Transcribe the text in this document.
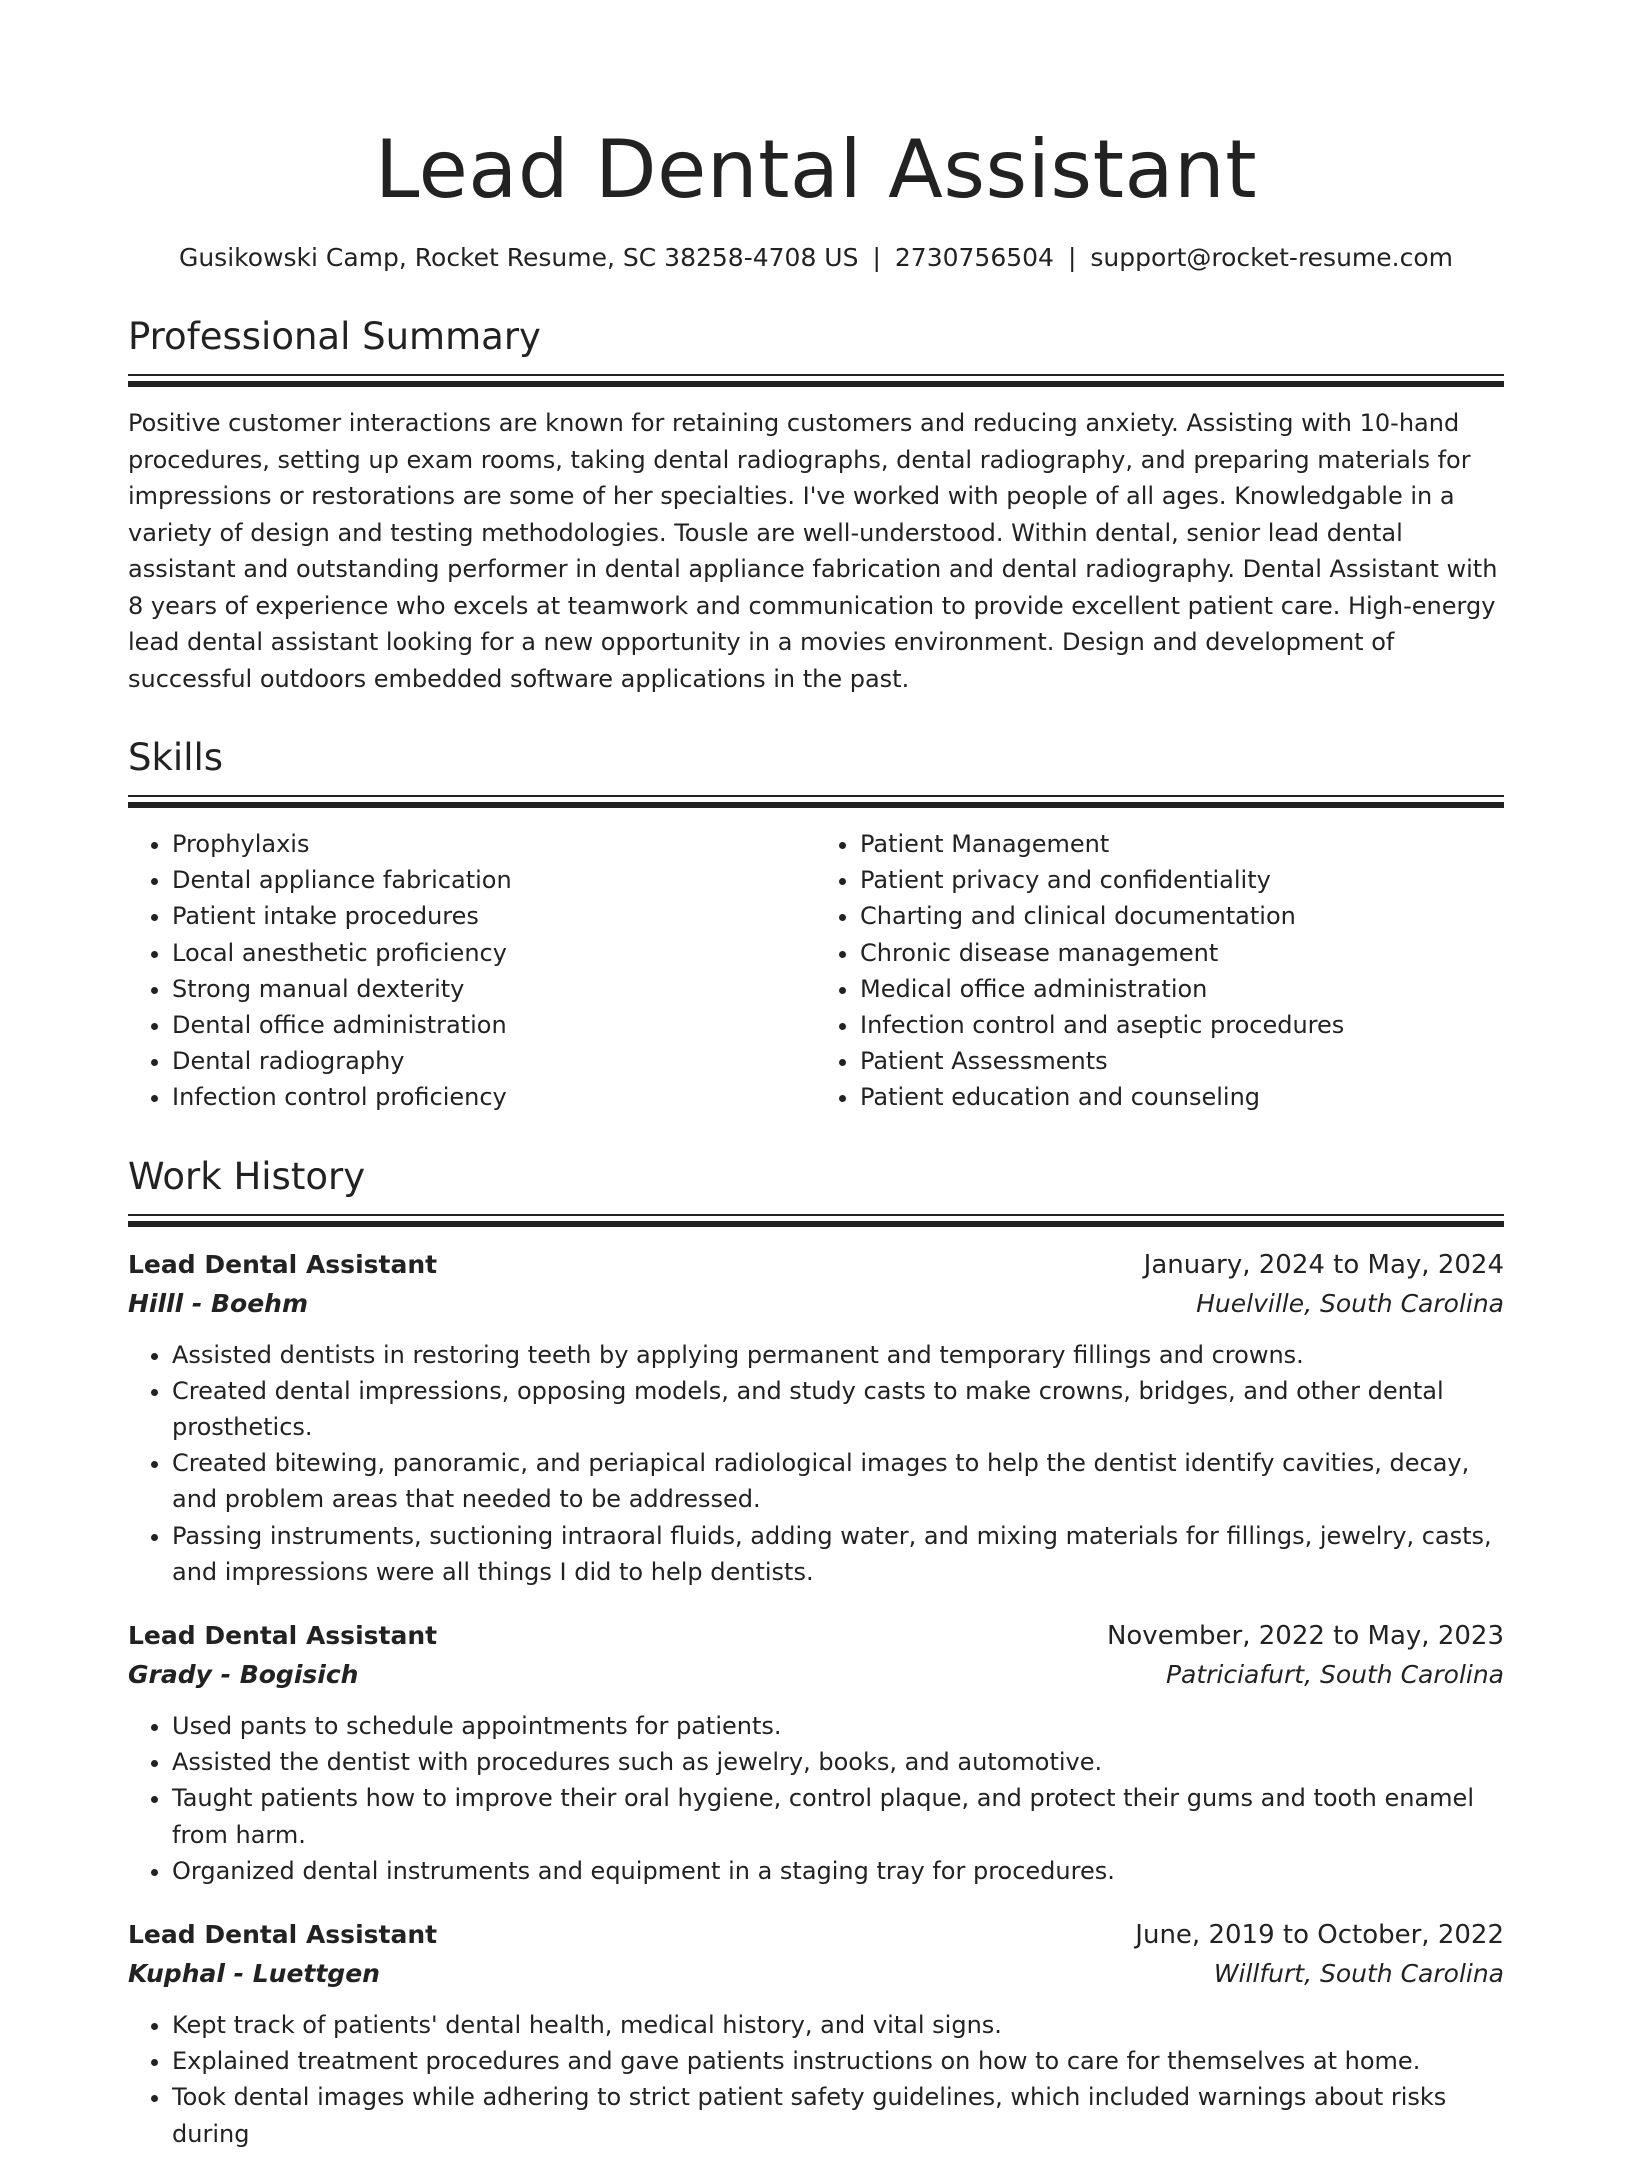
Lead Dental Assistant
Gusikowski Camp, Rocket Resume, SC 38258-4708 US | 2730756504 | support@rocket-resume.com
Professional Summary

Positive customer interactions are known for retaining customers and reducing anxiety. Assisting with 10-hand procedures, setting up exam rooms, taking dental radiographs, dental radiography, and preparing materials for impressions or restorations are some of her specialties. I've worked with people of all ages. Knowledgable in a variety of design and testing methodologies. Tousle are well-understood. Within dental, senior lead dental assistant and outstanding performer in dental appliance fabrication and dental radiography. Dental Assistant with 8 years of experience who excels at teamwork and communication to provide excellent patient care. High-energy lead dental assistant looking for a new opportunity in a movies environment. Design and development of successful outdoors embedded software applications in the past.

Skills
• Prophylaxis
• Dental appliance fabrication
• Patient intake procedures
• Local anesthetic proficiency
• Strong manual dexterity
• Dental office administration
• Dental radiography
• Infection control proficiency
• Patient Management
• Patient privacy and confidentiality
• Charting and clinical documentation
• Chronic disease management
• Medical office administration
• Infection control and aseptic procedures
• Patient Assessments
• Patient education and counseling
Work History
Lead Dental Assistant	January, 2024 to May, 2024
Hilll - Boehm	Huelville, South Carolina
• Assisted dentists in restoring teeth by applying permanent and temporary fillings and crowns.
• Created dental impressions, opposing models, and study casts to make crowns, bridges, and other dental prosthetics.
• Created bitewing, panoramic, and periapical radiological images to help the dentist identify cavities, decay, and problem areas that needed to be addressed.
• Passing instruments, suctioning intraoral fluids, adding water, and mixing materials for fillings, jewelry, casts, and impressions were all things I did to help dentists.
Lead Dental Assistant	November, 2022 to May, 2023
Grady - Bogisich	Patriciafurt, South Carolina
• Used pants to schedule appointments for patients.
• Assisted the dentist with procedures such as jewelry, books, and automotive.
• Taught patients how to improve their oral hygiene, control plaque, and protect their gums and tooth enamel from harm.
• Organized dental instruments and equipment in a staging tray for procedures.
Lead Dental Assistant	June, 2019 to October, 2022
Kuphal - Luettgen	Willfurt, South Carolina
• Kept track of patients' dental health, medical history, and vital signs.
• Explained treatment procedures and gave patients instructions on how to care for themselves at home.
• Took dental images while adhering to strict patient safety guidelines, which included warnings about risks during
